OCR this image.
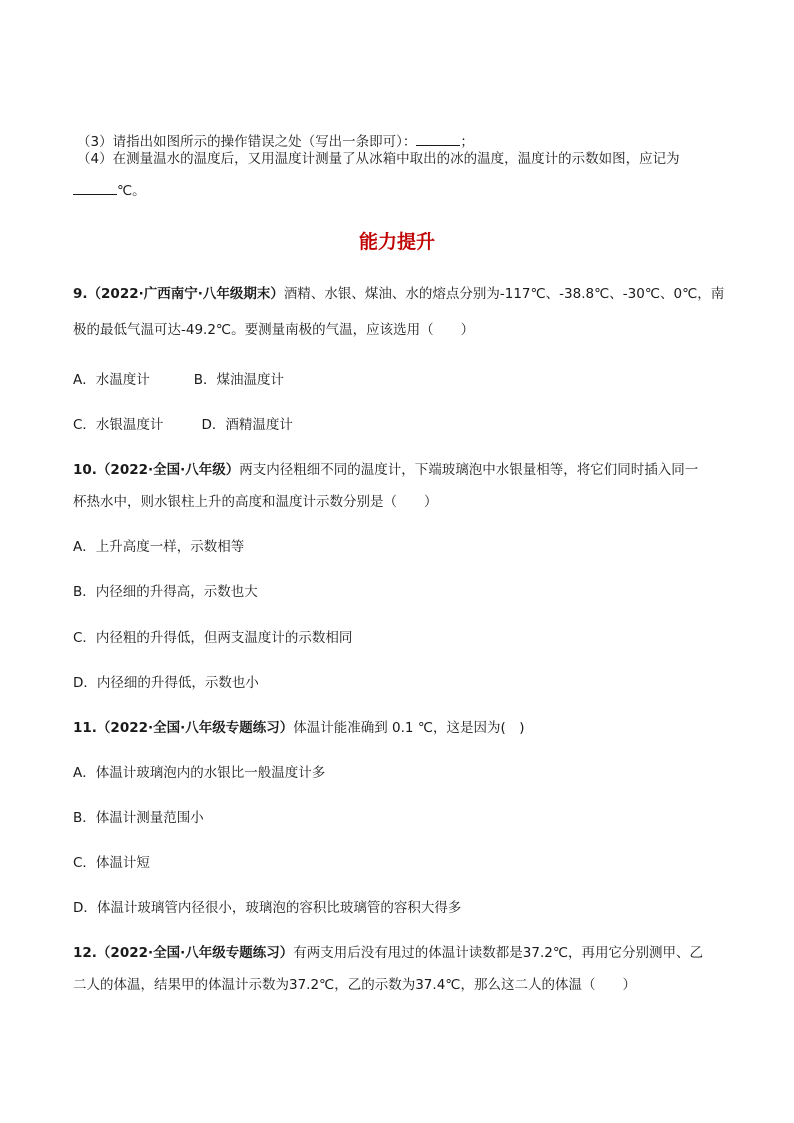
（3）请指出如图所示的操作错误之处（写出一条即可）：	；
（4）在测量温水的温度后，又用温度计测量了从冰箱中取出的冰的温度，温度计的示数如图，应记为
℃。
能力提升
9.（2022·广西南宁·八年级期末）酒精、水银、煤油、水的熔点分别为-117℃、-38.8℃、-30℃、0℃，南
极的最低气温可达-49.2℃。要测量南极的气温，应该选用（　　）
A．水温度计	B．煤油温度计
C．水银温度计	D．酒精温度计
10.（2022·全国·八年级）两支内径粗细不同的温度计，下端玻璃泡中水银量相等，将它们同时插入同一
杯热水中，则水银柱上升的高度和温度计示数分别是（　　）
A．上升高度一样，示数相等
B．内径细的升得高，示数也大
C．内径粗的升得低，但两支温度计的示数相同
D．内径细的升得低，示数也小
11.（2022·全国·八年级专题练习）体温计能准确到 0.1 ℃，这是因为(　)
A．体温计玻璃泡内的水银比一般温度计多
B．体温计测量范围小
C．体温计短
D．体温计玻璃管内径很小，玻璃泡的容积比玻璃管的容积大得多
12.（2022·全国·八年级专题练习）有两支用后没有甩过的体温计读数都是37.2℃，再用它分别测甲、乙
二人的体温，结果甲的体温计示数为37.2℃，乙的示数为37.4℃，那么这二人的体温（　　）
